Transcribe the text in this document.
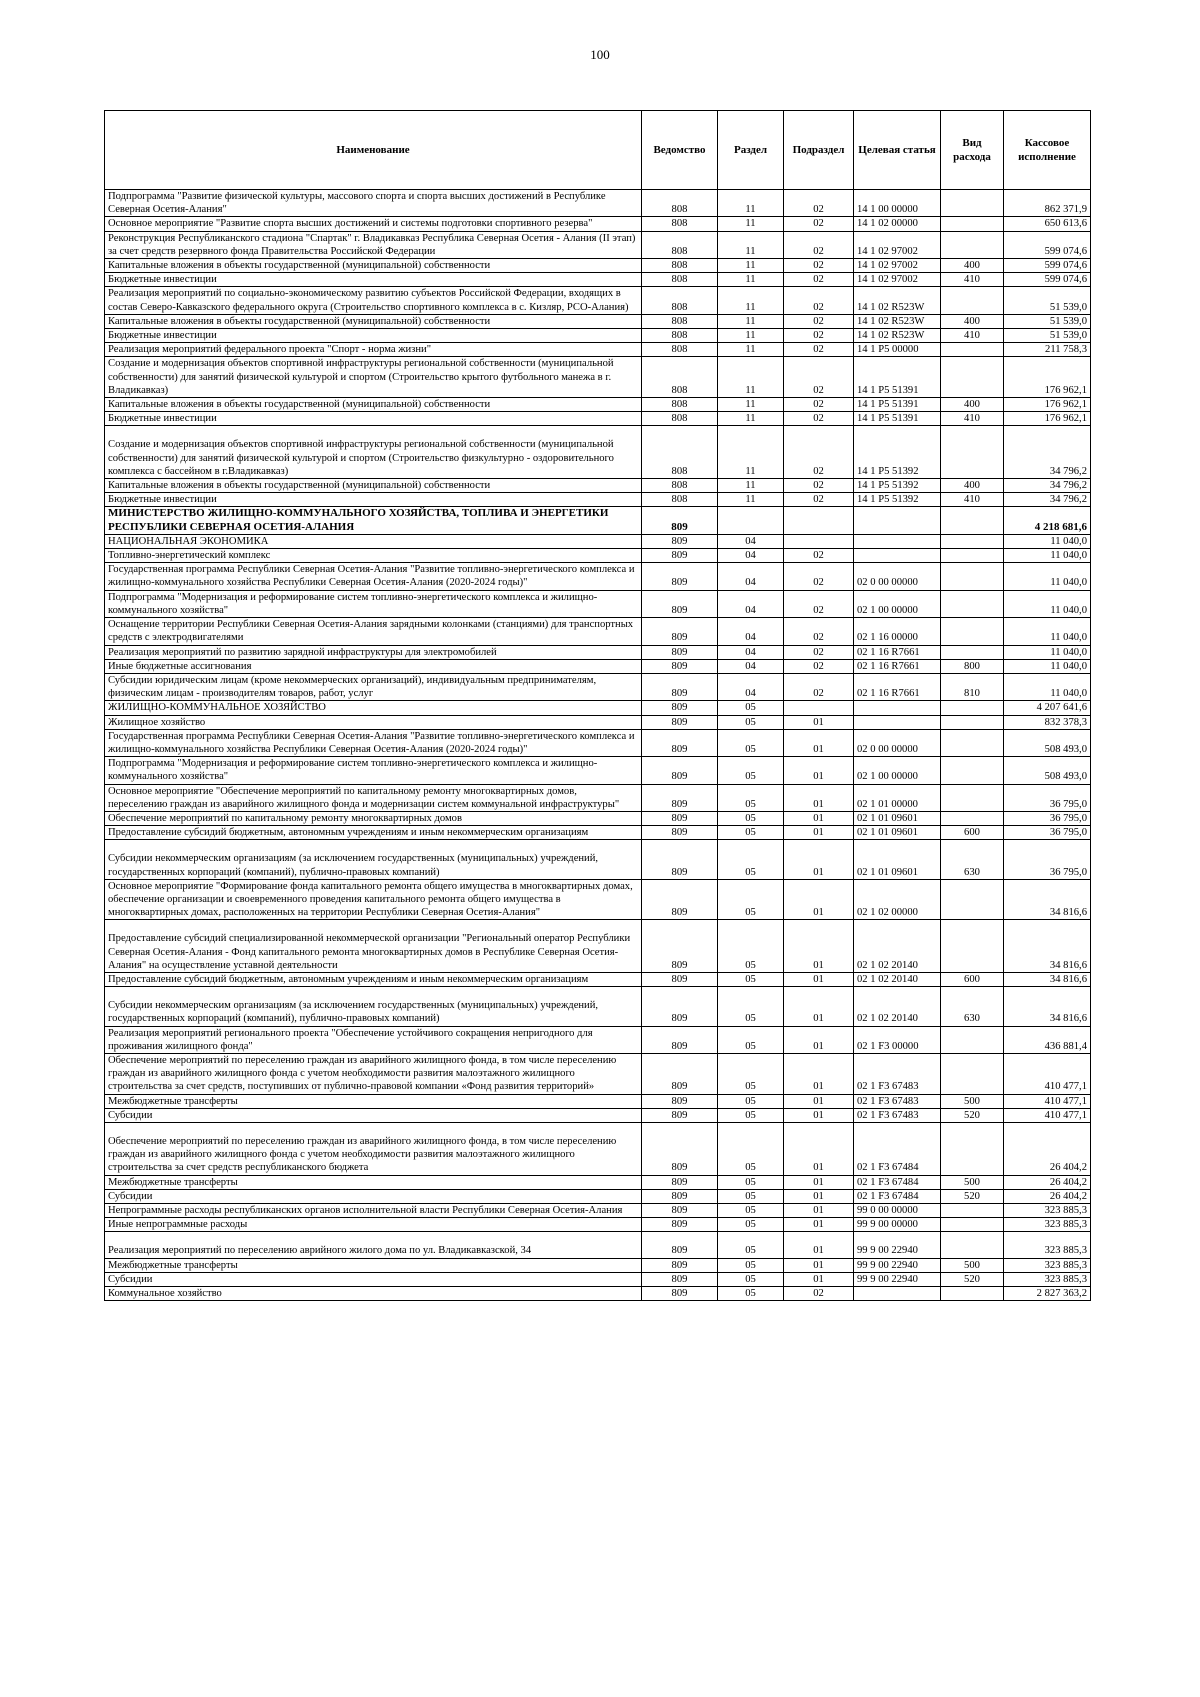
100
Наименование	Ведомство	Раздел	Подраздел	Целевая статья	Вид расхода	Кассовое исполнение
Подпрограмма "Развитие физической культуры, массового спорта и спорта высших достижений в Республике Северная Осетия-Алания"	808	11	02	14 1 00 00000		862 371,9
Основное мероприятие "Развитие спорта высших достижений и системы подготовки спортивного резерва"	808	11	02	14 1 02 00000		650 613,6
Реконструкция Республиканского стадиона "Спартак" г. Владикавказ Республика Северная Осетия - Алания (II этап) за счет средств резервного фонда Правительства Российской Федерации	808	11	02	14 1 02 97002		599 074,6
Капитальные вложения в объекты государственной (муниципальной) собственности	808	11	02	14 1 02 97002	400	599 074,6
Бюджетные инвестиции	808	11	02	14 1 02 97002	410	599 074,6
Реализация мероприятий по социально-экономическому развитию субъектов Российской Федерации, входящих в состав Северо-Кавказского федерального округа (Строительство спортивного комплекса в с. Кизляр, РСО-Алания)	808	11	02	14 1 02 R523W		51 539,0
Капитальные вложения в объекты государственной (муниципальной) собственности	808	11	02	14 1 02 R523W	400	51 539,0
Бюджетные инвестиции	808	11	02	14 1 02 R523W	410	51 539,0
Реализация мероприятий федерального проекта "Спорт - норма жизни"	808	11	02	14 1 P5 00000		211 758,3
Создание и модернизация объектов спортивной инфраструктуры региональной собственности (муниципальной собственности) для занятий физической культурой и спортом (Строительство крытого футбольного манежа в г. Владикавказ)	808	11	02	14 1 P5 51391		176 962,1
Капитальные вложения в объекты государственной (муниципальной) собственности	808	11	02	14 1 P5 51391	400	176 962,1
Бюджетные инвестиции	808	11	02	14 1 P5 51391	410	176 962,1
Создание и модернизация объектов спортивной инфраструктуры региональной собственности (муниципальной собственности) для занятий физической культурой и спортом (Строительство физкультурно - оздоровительного комплекса с бассейном в г.Владикавказ)	808	11	02	14 1 P5 51392		34 796,2
Капитальные вложения в объекты государственной (муниципальной) собственности	808	11	02	14 1 P5 51392	400	34 796,2
Бюджетные инвестиции	808	11	02	14 1 P5 51392	410	34 796,2
МИНИСТЕРСТВО ЖИЛИЩНО-КОММУНАЛЬНОГО ХОЗЯЙСТВА, ТОПЛИВА И ЭНЕРГЕТИКИ РЕСПУБЛИКИ СЕВЕРНАЯ ОСЕТИЯ-АЛАНИЯ	809					4 218 681,6
НАЦИОНАЛЬНАЯ ЭКОНОМИКА	809	04				11 040,0
Топливно-энергетический комплекс	809	04	02			11 040,0
Государственная программа Республики Северная Осетия-Алания "Развитие топливно-энергетического комплекса и жилищно-коммунального хозяйства Республики Северная Осетия-Алания (2020-2024 годы)"	809	04	02	02 0 00 00000		11 040,0
Подпрограмма "Модернизация и реформирование систем топливно-энергетического комплекса и жилищно-коммунального хозяйства"	809	04	02	02 1 00 00000		11 040,0
Оснащение территории Республики Северная Осетия-Алания зарядными колонками (станциями) для транспортных средств с электродвигателями	809	04	02	02 1 16 00000		11 040,0
Реализация мероприятий по развитию зарядной инфраструктуры для электромобилей	809	04	02	02 1 16 R7661		11 040,0
Иные бюджетные ассигнования	809	04	02	02 1 16 R7661	800	11 040,0
Субсидии юридическим лицам (кроме некоммерческих организаций), индивидуальным предпринимателям, физическим лицам - производителям товаров, работ, услуг	809	04	02	02 1 16 R7661	810	11 040,0
ЖИЛИЩНО-КОММУНАЛЬНОЕ ХОЗЯЙСТВО	809	05				4 207 641,6
Жилищное хозяйство	809	05	01			832 378,3
Государственная программа Республики Северная Осетия-Алания "Развитие топливно-энергетического комплекса и жилищно-коммунального хозяйства Республики Северная Осетия-Алания (2020-2024 годы)"	809	05	01	02 0 00 00000		508 493,0
Подпрограмма "Модернизация и реформирование систем топливно-энергетического комплекса и жилищно-коммунального хозяйства"	809	05	01	02 1 00 00000		508 493,0
Основное мероприятие "Обеспечение мероприятий по капитальному ремонту многоквартирных домов, переселению граждан из аварийного жилищного фонда и модернизации систем коммунальной инфраструктуры"	809	05	01	02 1 01 00000		36 795,0
Обеспечение мероприятий по капитальному ремонту многоквартирных домов	809	05	01	02 1 01 09601		36 795,0
Предоставление субсидий бюджетным, автономным учреждениям и иным некоммерческим организациям	809	05	01	02 1 01 09601	600	36 795,0
Субсидии некоммерческим организациям (за исключением государственных (муниципальных) учреждений, государственных корпораций (компаний), публично-правовых компаний)	809	05	01	02 1 01 09601	630	36 795,0
Основное мероприятие "Формирование фонда капитального ремонта общего имущества в многоквартирных домах, обеспечение организации и своевременного проведения капитального ремонта общего имущества в многоквартирных домах, расположенных на территории Республики Северная Осетия-Алания"	809	05	01	02 1 02 00000		34 816,6
Предоставление субсидий специализированной некоммерческой организации "Региональный оператор Республики Северная Осетия-Алания - Фонд капитального ремонта многоквартирных домов в Республике Северная Осетия-Алания" на осуществление уставной деятельности	809	05	01	02 1 02 20140		34 816,6
Предоставление субсидий бюджетным, автономным учреждениям и иным некоммерческим организациям	809	05	01	02 1 02 20140	600	34 816,6
Субсидии некоммерческим организациям (за исключением государственных (муниципальных) учреждений, государственных корпораций (компаний), публично-правовых компаний)	809	05	01	02 1 02 20140	630	34 816,6
Реализация мероприятий регионального проекта "Обеспечение устойчивого сокращения непригодного для проживания жилищного фонда"	809	05	01	02 1 F3 00000		436 881,4
Обеспечение мероприятий по переселению граждан из аварийного жилищного фонда, в том числе переселению граждан из аварийного жилищного фонда с учетом необходимости развития малоэтажного жилищного строительства за счет средств, поступивших от публично-правовой компании «Фонд развития территорий»	809	05	01	02 1 F3 67483		410 477,1
Межбюджетные трансферты	809	05	01	02 1 F3 67483	500	410 477,1
Субсидии	809	05	01	02 1 F3 67483	520	410 477,1
Обеспечение мероприятий по переселению граждан из аварийного жилищного фонда, в том числе переселению граждан из аварийного жилищного фонда с учетом необходимости развития малоэтажного жилищного строительства за счет средств республиканского бюджета	809	05	01	02 1 F3 67484		26 404,2
Межбюджетные трансферты	809	05	01	02 1 F3 67484	500	26 404,2
Субсидии	809	05	01	02 1 F3 67484	520	26 404,2
Непрограммные расходы республиканских органов исполнительной власти Республики Северная Осетия-Алания	809	05	01	99 0 00 00000		323 885,3
Иные непрограммные расходы	809	05	01	99 9 00 00000		323 885,3
Реализация мероприятий по переселению аврийного жилого дома по ул. Владикавказской, 34	809	05	01	99 9 00 22940		323 885,3
Межбюджетные трансферты	809	05	01	99 9 00 22940	500	323 885,3
Субсидии	809	05	01	99 9 00 22940	520	323 885,3
Коммунальное хозяйство	809	05	02			2 827 363,2
